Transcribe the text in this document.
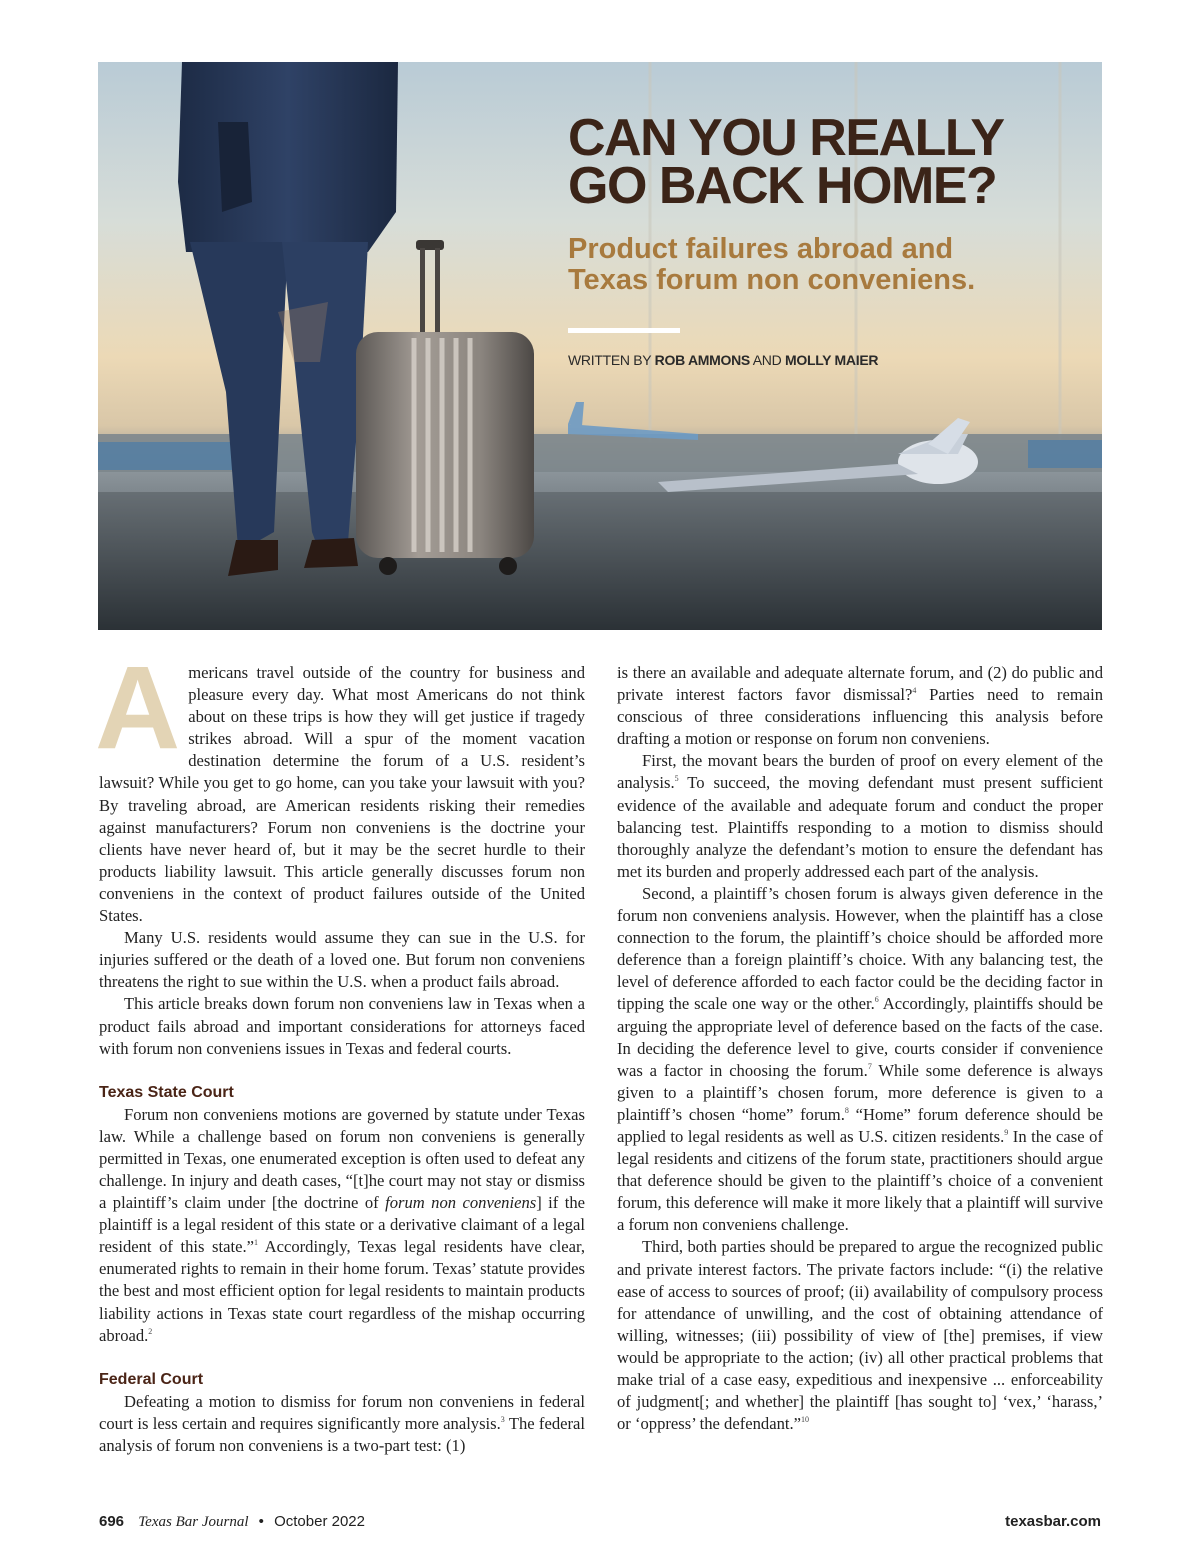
CAN YOU REALLY
GO BACK HOME?
Product failures abroad and
Texas forum non conveniens.
WRITTEN BY ROB AMMONS AND MOLLY MAIER

Americans travel outside of the country for business and pleasure every day. What most Americans do not think about on these trips is how they will get justice if tragedy strikes abroad. Will a spur of the moment vacation destination determine the forum of a U.S. resident’s lawsuit? While you get to go home, can you take your lawsuit with you? By traveling abroad, are American residents risking their remedies against manufacturers? Forum non conveniens is the doctrine your clients have never heard of, but it may be the secret hurdle to their products liability lawsuit. This article generally discusses forum non conveniens in the context of product failures outside of the United States.

Many U.S. residents would assume they can sue in the U.S. for injuries suffered or the death of a loved one. But forum non conveniens threatens the right to sue within the U.S. when a product fails abroad.

This article breaks down forum non conveniens law in Texas when a product fails abroad and important considerations for attorneys faced with forum non conveniens issues in Texas and federal courts.

Texas State Court

Forum non conveniens motions are governed by statute under Texas law. While a challenge based on forum non conveniens is generally permitted in Texas, one enumerated exception is often used to defeat any challenge. In injury and death cases, “[t]he court may not stay or dismiss a plaintiff’s claim under [the doctrine of forum non conveniens] if the plaintiff is a legal resident of this state or a derivative claimant of a legal resident of this state.”$^1$ Accordingly, Texas legal residents have clear, enumerated rights to remain in their home forum. Texas’ statute provides the best and most efficient option for legal residents to maintain products liability actions in Texas state court regardless of the mishap occurring abroad.$^2$

Federal Court

Defeating a motion to dismiss for forum non conveniens in federal court is less certain and requires significantly more analysis.$^3$ The federal analysis of forum non conveniens is a two-part test: (1)

is there an available and adequate alternate forum, and (2) do public and private interest factors favor dismissal?$^4$ Parties need to remain conscious of three considerations influencing this analysis before drafting a motion or response on forum non conveniens.

First, the movant bears the burden of proof on every element of the analysis.$^5$ To succeed, the moving defendant must present sufficient evidence of the available and adequate forum and conduct the proper balancing test. Plaintiffs responding to a motion to dismiss should thoroughly analyze the defendant’s motion to ensure the defendant has met its burden and properly addressed each part of the analysis.

Second, a plaintiff’s chosen forum is always given deference in the forum non conveniens analysis. However, when the plaintiff has a close connection to the forum, the plaintiff’s choice should be afforded more deference than a foreign plaintiff’s choice. With any balancing test, the level of deference afforded to each factor could be the deciding factor in tipping the scale one way or the other.$^6$ Accordingly, plaintiffs should be arguing the appropriate level of deference based on the facts of the case. In deciding the deference level to give, courts consider if convenience was a factor in choosing the forum.$^7$ While some deference is always given to a plaintiff’s chosen forum, more deference is given to a plaintiff’s chosen “home” forum.$^8$ “Home” forum deference should be applied to legal residents as well as U.S. citizen residents.$^9$ In the case of legal residents and citizens of the forum state, practitioners should argue that deference should be given to the plaintiff’s choice of a convenient forum, this deference will make it more likely that a plaintiff will survive a forum non conveniens challenge.

Third, both parties should be prepared to argue the recognized public and private interest factors. The private factors include: “(i) the relative ease of access to sources of proof; (ii) availability of compulsory process for attendance of unwilling, and the cost of obtaining attendance of willing, witnesses; (iii) possibility of view of [the] premises, if view would be appropriate to the action; (iv) all other practical problems that make trial of a case easy, expeditious and inexpensive ... enforceability of judgment[; and whether] the plaintiff [has sought to] ‘vex,’ ‘harass,’ or ‘oppress’ the defendant.”$^{10}$

696 Texas Bar Journal • October 2022	texasbar.com
